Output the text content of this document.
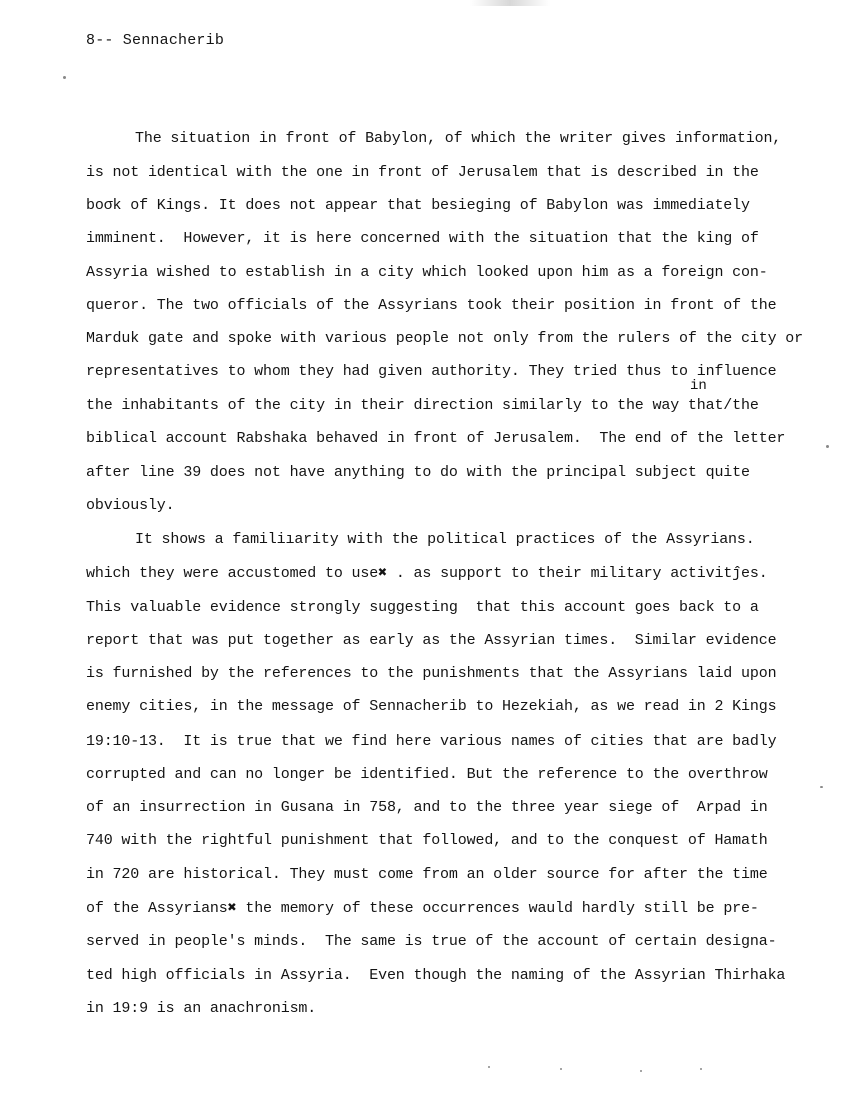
8-- Sennacherib
The situation in front of Babylon, of which the writer gives information,
is not identical with the one in front of Jerusalem that is described in the
boσk of Kings. It does not appear that besieging of Babylon was immediately
imminent.  However, it is here concerned with the situation that the king of
Assyria wished to establish in a city which looked upon him as a foreign con-
queror. The two officials of the Assyrians took their position in front of the
Marduk gate and spoke with various people not only from the rulers of the city or
representatives to whom they had given authority. They tried thus to influence
in
the inhabitants of the city in their direction similarly to the way that/the
biblical account Rabshaka behaved in front of Jerusalem.  The end of the letter
after line 39 does not have anything to do with the principal subject quite
obviously.
It shows a familiıarity with the political practices of the Assyrians.
which they were accustomed to use✖ . as support to their military activitĵes.
This valuable evidence strongly suggesting  that this account goes back to a
report that was put together as early as the Assyrian times.  Similar evidence
is furnished by the references to the punishments that the Assyrians laid upon
enemy cities, in the message of Sennacherib to Hezekiah, as we read in 2 Kings
19:10-13.  It is true that we find here various names of cities that are badly
corrupted and can no longer be identified. But the reference to the overthrow
of an insurrection in Gusana in 758, and to the three year siege of  Arpad in
740 with the rightful punishment that followed, and to the conquest of Hamath
in 720 are historical. They must come from an older source for after the time
of the Assyrians✖ the memory of these occurrences wauld hardly still be pre-
served in people's minds.  The same is true of the account of certain designa-
ted high officials in Assyria.  Even though the naming of the Assyrian Thirhaka
in 19:9 is an anachronism.
